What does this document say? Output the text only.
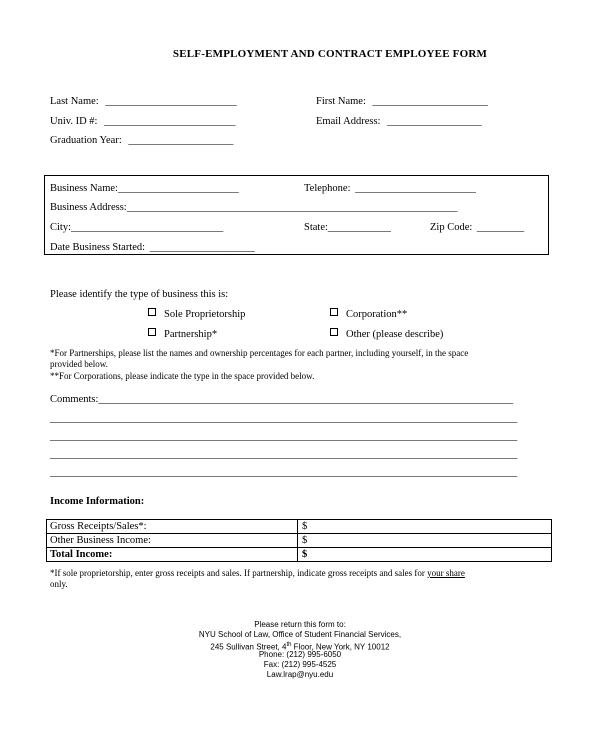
SELF-EMPLOYMENT AND CONTRACT EMPLOYEE FORM
Last Name: _________________________	First Name: ______________________
Univ. ID #: _________________________	Email Address: __________________
Graduation Year: ____________________
Business Name:_______________________	Telephone: _______________________
Business Address:_______________________________________________________________
City:_____________________________	State:____________	Zip Code: _________
Date Business Started: ____________________
Please identify the type of business this is:
Sole Proprietorship	Corporation**
Partnership*	Other (please describe)
*For Partnerships, please list the names and ownership percentages for each partner, including yourself, in the space
provided below.
**For Corporations, please indicate the type in the space provided below.
Comments:_______________________________________________________________________________
_________________________________________________________________________________________
_________________________________________________________________________________________
_________________________________________________________________________________________
_________________________________________________________________________________________
Income Information:
Gross Receipts/Sales*:	$
Other Business Income:	$
Total Income:	$
*If sole proprietorship, enter gross receipts and sales. If partnership, indicate gross receipts and sales for your share
only.
Please return this form to:
NYU School of Law, Office of Student Financial Services,
245 Sullivan Street, 4th Floor, New York, NY 10012
Phone: (212) 995-6050
Fax: (212) 995-4525
Law.lrap@nyu.edu
